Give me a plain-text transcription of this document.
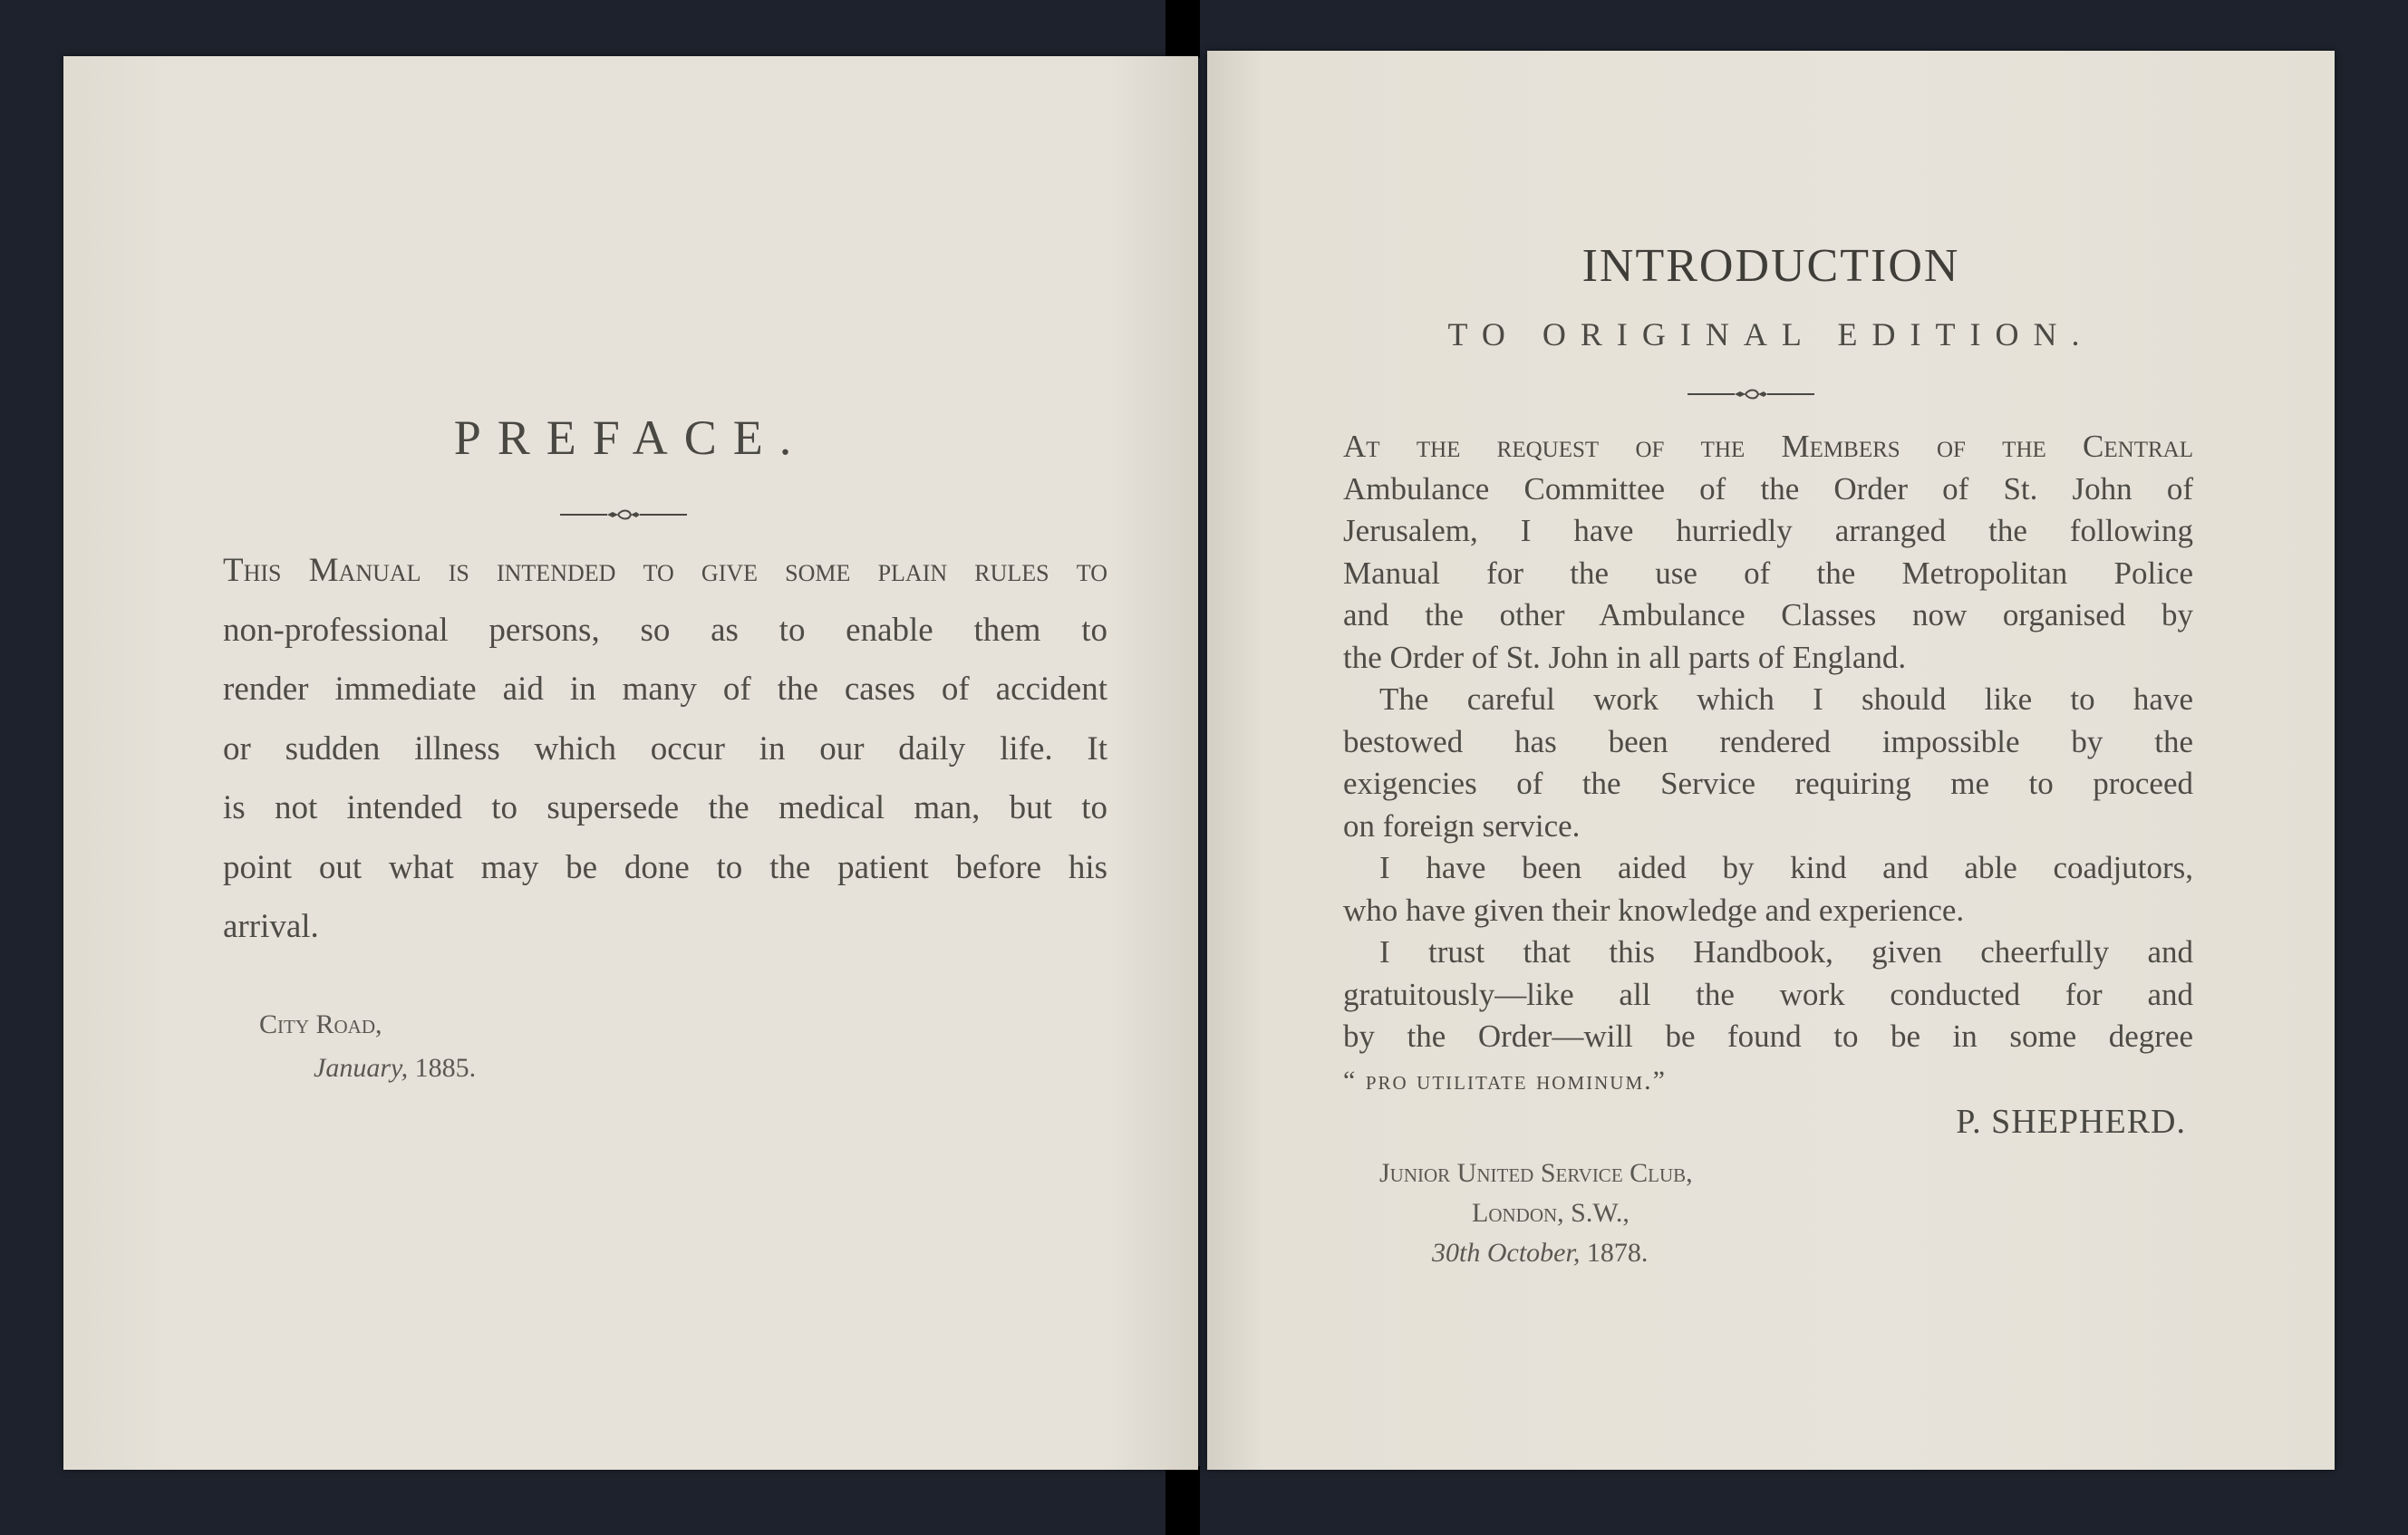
PREFACE.
This Manual is intended to give some plain rules to
non-professional persons, so as to enable them to
render immediate aid in many of the cases of accident
or sudden illness which occur in our daily life. It
is not intended to supersede the medical man, but to
point out what may be done to the patient before his
arrival.

City Road,

January, 1885.

INTRODUCTION

TO ORIGINAL EDITION.

At the request of the Members of the Central
Ambulance Committee of the Order of St. John of
Jerusalem, I have hurriedly arranged the following
Manual for the use of the Metropolitan Police
and the other Ambulance Classes now organised by
the Order of St. John in all parts of England.
The careful work which I should like to have
bestowed has been rendered impossible by the
exigencies of the Service requiring me to proceed
on foreign service.
I have been aided by kind and able coadjutors,
who have given their knowledge and experience.
I trust that this Handbook, given cheerfully and
gratuitously—like all the work conducted for and
by the Order—will be found to be in some degree
“ pro utilitate hominum.”

P. SHEPHERD.

Junior United Service Club,

London, S.W.,

30th October, 1878.
